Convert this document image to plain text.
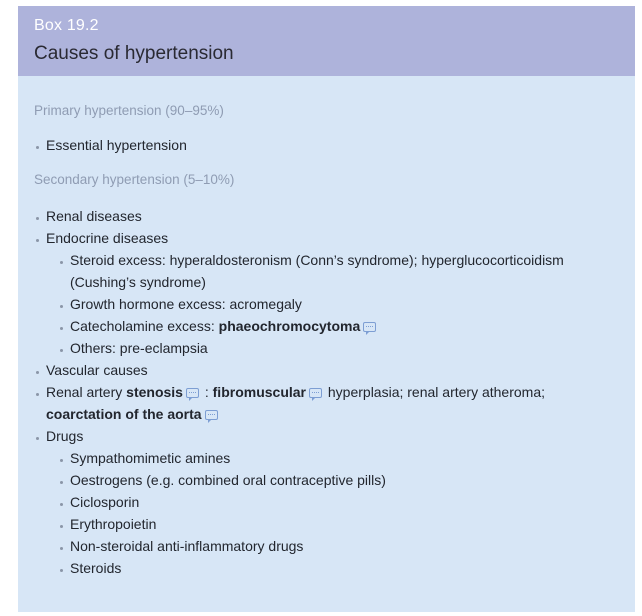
Box 19.2
Causes of hypertension
Primary hypertension (90–95%)
Essential hypertension
Secondary hypertension (5–10%)
Renal diseases
Endocrine diseases
Steroid excess: hyperaldosteronism (Conn’s syndrome); hyperglucocorticoidism (Cushing’s syndrome)
Growth hormone excess: acromegaly
Catecholamine excess: phaeochromocytoma
Others: pre-eclampsia
Vascular causes
Renal artery stenosis : fibromuscular hyperplasia; renal artery atheroma; coarctation of the aorta
Drugs
Sympathomimetic amines
Oestrogens (e.g. combined oral contraceptive pills)
Ciclosporin
Erythropoietin
Non-steroidal anti-inflammatory drugs
Steroids
